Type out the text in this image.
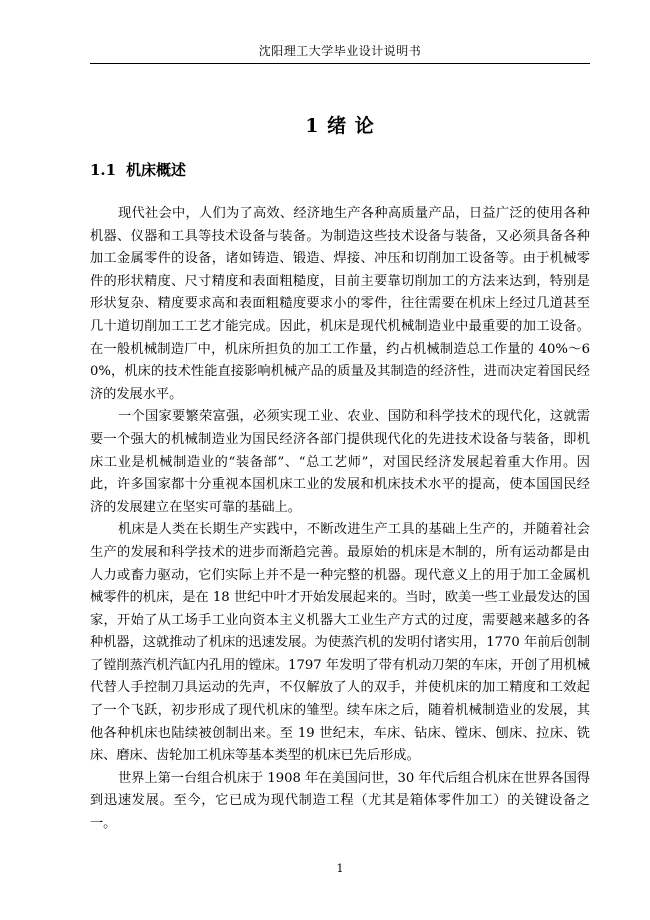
沈阳理工大学毕业设计说明书
1 绪 论
1.1 机床概述

现代社会中，人们为了高效、经济地生产各种高质量产品，日益广泛的使用各种机器、仪器和工具等技术设备与装备。为制造这些技术设备与装备，又必须具备各种加工金属零件的设备，诸如铸造、锻造、焊接、冲压和切削加工设备等。由于机械零件的形状精度、尺寸精度和表面粗糙度，目前主要靠切削加工的方法来达到，特别是形状复杂、精度要求高和表面粗糙度要求小的零件，往往需要在机床上经过几道甚至几十道切削加工工艺才能完成。因此，机床是现代机械制造业中最重要的加工设备。在一般机械制造厂中，机床所担负的加工工作量，约占机械制造总工作量的 40%～60%，机床的技术性能直接影响机械产品的质量及其制造的经济性，进而决定着国民经济的发展水平。

一个国家要繁荣富强，必须实现工业、农业、国防和科学技术的现代化，这就需要一个强大的机械制造业为国民经济各部门提供现代化的先进技术设备与装备，即机床工业是机械制造业的“装备部”、“总工艺师”，对国民经济发展起着重大作用。因此，许多国家都十分重视本国机床工业的发展和机床技术水平的提高，使本国国民经济的发展建立在坚实可靠的基础上。

机床是人类在长期生产实践中，不断改进生产工具的基础上生产的，并随着社会生产的发展和科学技术的进步而渐趋完善。最原始的机床是木制的，所有运动都是由人力或畜力驱动，它们实际上并不是一种完整的机器。现代意义上的用于加工金属机械零件的机床，是在 18 世纪中叶才开始发展起来的。当时，欧美一些工业最发达的国家，开始了从工场手工业向资本主义机器大工业生产方式的过度，需要越来越多的各种机器，这就推动了机床的迅速发展。为使蒸汽机的发明付诸实用，1770 年前后创制了镗削蒸汽机汽缸内孔用的镗床。1797 年发明了带有机动刀架的车床，开创了用机械代替人手控制刀具运动的先声，不仅解放了人的双手，并使机床的加工精度和工效起了一个飞跃，初步形成了现代机床的雏型。续车床之后，随着机械制造业的发展，其他各种机床也陆续被创制出来。至 19 世纪末，车床、钻床、镗床、刨床、拉床、铣床、磨床、齿轮加工机床等基本类型的机床已先后形成。

世界上第一台组合机床于 1908 年在美国问世，30 年代后组合机床在世界各国得到迅速发展。至今，它已成为现代制造工程（尤其是箱体零件加工）的关键设备之一。

1
